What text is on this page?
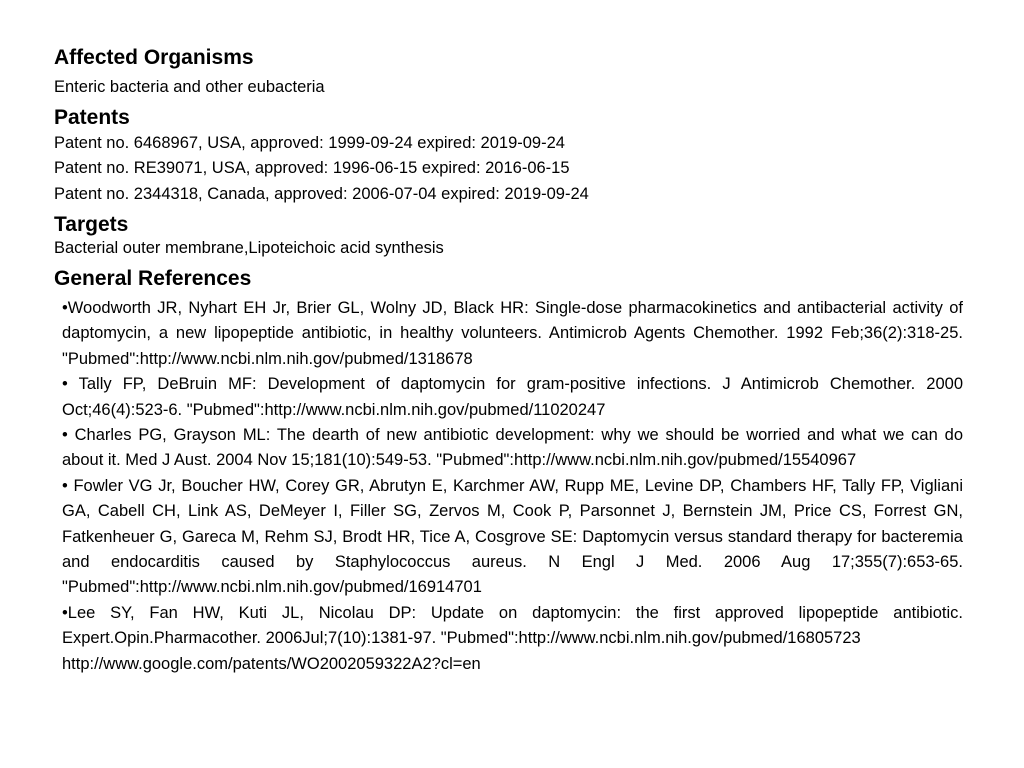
Affected Organisms
Enteric bacteria and other eubacteria
Patents
Patent no. 6468967, USA, approved: 1999-09-24 expired: 2019-09-24
Patent no. RE39071, USA, approved: 1996-06-15 expired: 2016-06-15
Patent no. 2344318, Canada, approved: 2006-07-04 expired: 2019-09-24
Targets
Bacterial outer membrane,Lipoteichoic acid synthesis
General References

•Woodworth JR, Nyhart EH Jr, Brier GL, Wolny JD, Black HR: Single-dose pharmacokinetics and antibacterial activity of daptomycin, a new lipopeptide antibiotic, in healthy volunteers. Antimicrob Agents Chemother. 1992 Feb;36(2):318-25. "Pubmed":http://www.ncbi.nlm.nih.gov/pubmed/1318678

• Tally FP, DeBruin MF: Development of daptomycin for gram-positive infections. J Antimicrob Chemother. 2000 Oct;46(4):523-6. "Pubmed":http://www.ncbi.nlm.nih.gov/pubmed/11020247

• Charles PG, Grayson ML: The dearth of new antibiotic development: why we should be worried and what we can do about it. Med J Aust. 2004 Nov 15;181(10):549-53. "Pubmed":http://www.ncbi.nlm.nih.gov/pubmed/15540967

• Fowler VG Jr, Boucher HW, Corey GR, Abrutyn E, Karchmer AW, Rupp ME, Levine DP, Chambers HF, Tally FP, Vigliani GA, Cabell CH, Link AS, DeMeyer I, Filler SG, Zervos M, Cook P, Parsonnet J, Bernstein JM, Price CS, Forrest GN, Fatkenheuer G, Gareca M, Rehm SJ, Brodt HR, Tice A, Cosgrove SE: Daptomycin versus standard therapy for bacteremia and endocarditis caused by Staphylococcus aureus. N Engl J Med. 2006 Aug 17;355(7):653-65. "Pubmed":http://www.ncbi.nlm.nih.gov/pubmed/16914701

•Lee SY, Fan HW, Kuti JL, Nicolau DP: Update on daptomycin: the first approved lipopeptide antibiotic. Expert.Opin.Pharmacother. 2006Jul;7(10):1381-97. "Pubmed":http://www.ncbi.nlm.nih.gov/pubmed/16805723

http://www.google.com/patents/WO2002059322A2?cl=en
